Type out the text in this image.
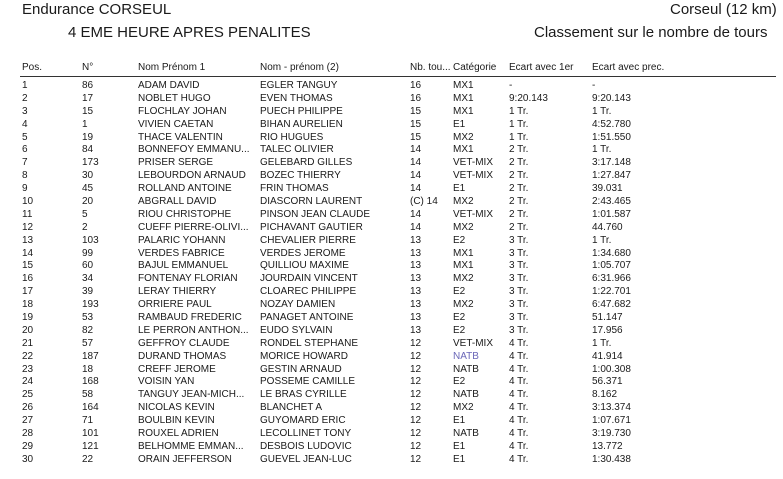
Endurance CORSEUL	Corseul (12 km)
4 EME HEURE APRES PENALITES	Classement sur le nombre de tours
Pos.	N°	Nom Prénom 1	Nom - prénom (2)	Nb. tou... Catégorie	Ecart avec 1er	Ecart avec prec.
1	86	ADAM DAVID	EGLER TANGUY	16	MX1	-	-
2	17	NOBLET HUGO	EVEN THOMAS	16	MX1	9:20.143	9:20.143
3	15	FLOCHLAY JOHAN	PUECH PHILIPPE	15	MX1	1 Tr.	1 Tr.
4	1	VIVIEN CAETAN	BIHAN AURELIEN	15	E1	1 Tr.	4:52.780
5	19	THACE VALENTIN	RIO HUGUES	15	MX2	1 Tr.	1:51.550
6	84	BONNEFOY EMMANU...	TALEC OLIVIER	14	MX1	2 Tr.	1 Tr.
7	173	PRISER SERGE	GELEBARD GILLES	14	VET-MIX	2 Tr.	3:17.148
8	30	LEBOURDON ARNAUD	BOZEC THIERRY	14	VET-MIX	2 Tr.	1:27.847
9	45	ROLLAND ANTOINE	FRIN THOMAS	14	E1	2 Tr.	39.031
10	20	ABGRALL DAVID	DIASCORN LAURENT	(C) 14	MX2	2 Tr.	2:43.465
11	5	RIOU CHRISTOPHE	PINSON JEAN CLAUDE	14	VET-MIX	2 Tr.	1:01.587
12	2	CUEFF PIERRE-OLIVI...	PICHAVANT GAUTIER	14	MX2	2 Tr.	44.760
13	103	PALARIC YOHANN	CHEVALIER PIERRE	13	E2	3 Tr.	1 Tr.
14	99	VERDES FABRICE	VERDES JEROME	13	MX1	3 Tr.	1:34.680
15	60	BAJUL EMMANUEL	QUILLIOU MAXIME	13	MX1	3 Tr.	1:05.707
16	34	FONTENAY FLORIAN	JOURDAIN VINCENT	13	MX2	3 Tr.	6:31.966
17	39	LERAY THIERRY	CLOAREC PHILIPPE	13	E2	3 Tr.	1:22.701
18	193	ORRIERE PAUL	NOZAY DAMIEN	13	MX2	3 Tr.	6:47.682
19	53	RAMBAUD FREDERIC	PANAGET ANTOINE	13	E2	3 Tr.	51.147
20	82	LE PERRON ANTHON...	EUDO SYLVAIN	13	E2	3 Tr.	17.956
21	57	GEFFROY CLAUDE	RONDEL STEPHANE	12	VET-MIX	4 Tr.	1 Tr.
22	187	DURAND THOMAS	MORICE HOWARD	12	NATB	4 Tr.	41.914
23	18	CREFF JEROME	GESTIN ARNAUD	12	NATB	4 Tr.	1:00.308
24	168	VOISIN YAN	POSSEME CAMILLE	12	E2	4 Tr.	56.371
25	58	TANGUY JEAN-MICH...	LE BRAS CYRILLE	12	NATB	4 Tr.	8.162
26	164	NICOLAS KEVIN	BLANCHET A	12	MX2	4 Tr.	3:13.374
27	71	BOULBIN KEVIN	GUYOMARD ERIC	12	E1	4 Tr.	1:07.671
28	101	ROUXEL ADRIEN	LECOLLINET TONY	12	NATB	4 Tr.	3:19.730
29	121	BELHOMME EMMAN...	DESBOIS LUDOVIC	12	E1	4 Tr.	13.772
30	22	ORAIN JEFFERSON	GUEVEL JEAN-LUC	12	E1	4 Tr.	1:30.438
